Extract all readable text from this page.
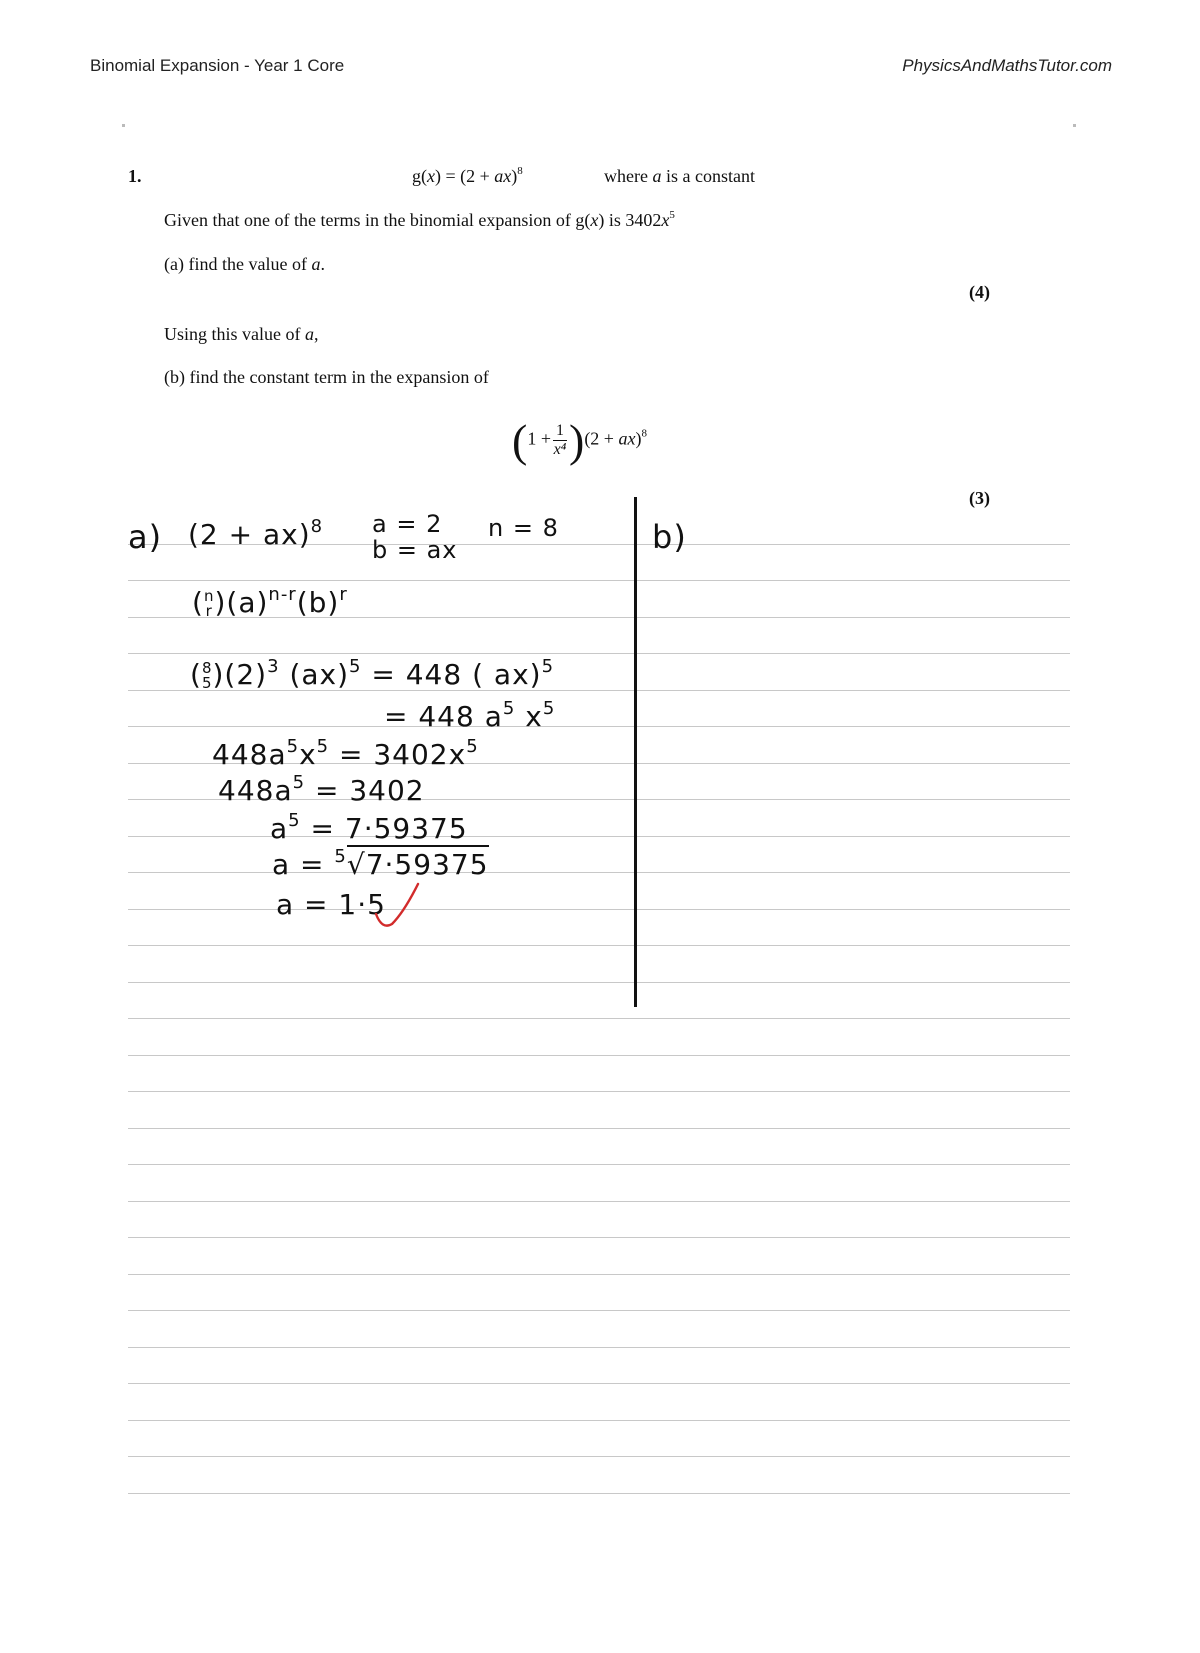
Binomial Expansion - Year 1 Core	PhysicsAndMathsTutor.com
1.	g(x) = (2 + ax)$^8$	where a is a constant
Given that one of the terms in the binomial expansion of g(x) is $3402x^5$
(a) find the value of a.
(4)
Using this value of a,
(b) find the constant term in the expansion of
$(1 + \frac{1}{\text{x⁴}} )(2 + ax)^8$
(3)
a) (2 + ax)$^8$ a = 2
b = ax
n = 8	b)
(n
$r)(a)^{n-r}(b)^r$
(8
$5)(2)^3$ (ax)$^5$ = 448 ( ax)$^5$
= 448 $a^5$ $x^5$
$448a^5x^5 = 3402x^5$
$448a^5 = 3402$
$a^5 = 7\cdot 59375$
a = $^5$√7·59375
a = 1·5
